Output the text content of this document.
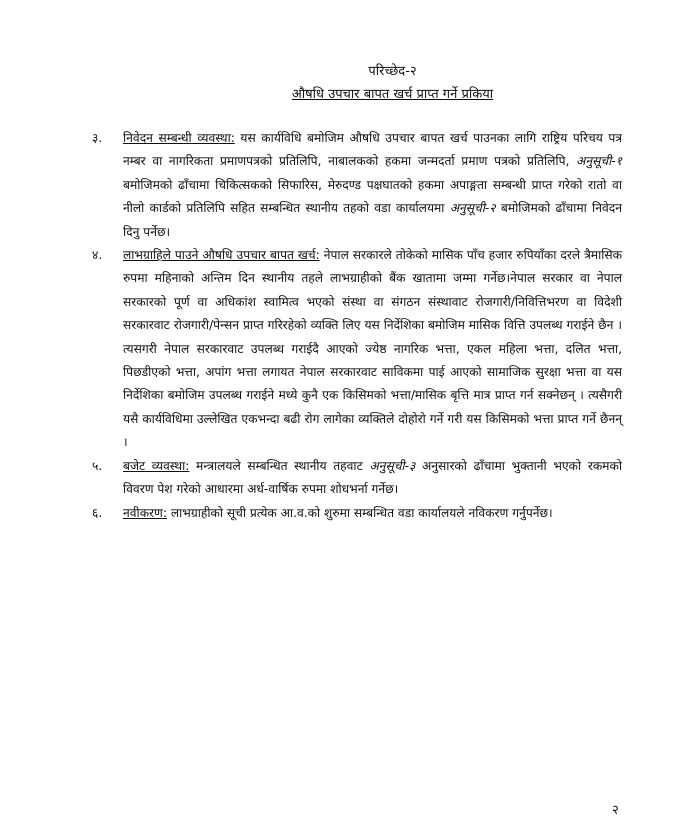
परिच्छेद-२
औषधि उपचार बापत खर्च प्राप्त गर्ने प्रकिया
३. निवेदन सम्बन्धी व्यवस्था: यस कार्यविधि बमोजिम औषधि उपचार बापत खर्च पाउनका लागि राष्ट्रिय परिचय पत्र नम्बर वा नागरिकता प्रमाणपत्रको प्रतिलिपि, नाबालकको हकमा जन्मदर्ता प्रमाण पत्रको प्रतिलिपि, अनुसूची-१ बमोजिमको ढाँचामा चिकित्सकको सिफारिस, मेरुदण्ड पक्षघातको हकमा अपाङ्गता सम्बन्धी प्राप्त गरेको रातो वा नीलो कार्डको प्रतिलिपि सहित सम्बन्धित स्थानीय तहको वडा कार्यालयमा अनुसूची-२ बमोजिमको ढाँचामा निवेदन दिनु पर्नेछ।
४. लाभग्राहिले पाउने औषधि उपचार बापत खर्च: नेपाल सरकारले तोकेको मासिक पाँच हजार रुपियाँका दरले त्रैमासिक रुपमा महिनाको अन्तिम दिन स्थानीय तहले लाभग्राहीको बैंक खातामा जम्मा गर्नेछ।नेपाल सरकार वा नेपाल सरकारको पूर्ण वा अधिकांश स्वामित्व भएको संस्था वा संगठन संस्थावाट रोजगारी/निवित्तिभरण वा विदेशी सरकारवाट रोजगारी/पेन्सन प्राप्त गरिरहेको व्यक्ति लिए यस निर्देशिका बमोजिम मासिक वित्ति उपलब्ध गराईने छैन । त्यसगरी नेपाल सरकारवाट उपलब्ध गराईदै आएको ज्येष्ठ नागरिक भत्ता, एकल महिला भत्ता, दलित भत्ता, पिछडीएको भत्ता, अपांग भत्ता लगायत नेपाल सरकारवाट साविकमा पाई आएको सामाजिक सुरक्षा भत्ता वा यस निर्देशिका बमोजिम उपलब्ध गराईने मध्ये कुनै एक किसिमको भत्ता/मासिक बृत्ति मात्र प्राप्त गर्न सक्नेछन् । त्यसैगरी यसै कार्यविधिमा उल्लेखित एकभन्दा बढी रोग लागेका व्यक्तिले दोहोरो गर्ने गरी यस किसिमको भत्ता प्राप्त गर्ने छैनन् ।
५. बजेट व्यवस्था: मन्त्रालयले सम्बन्धित स्थानीय तहवाट अनुसूची-३ अनुसारको ढाँचामा भुक्तानी भएको रकमको विवरण पेश गरेको आधारमा अर्ध-वार्षिक रुपमा शोधभर्ना गर्नेछ।
६. नवीकरण: लाभग्राहीको सूची प्रत्येक आ.व.को शुरुमा सम्बन्धित वडा कार्यालयले नविकरण गर्नुपर्नेछ।
२
